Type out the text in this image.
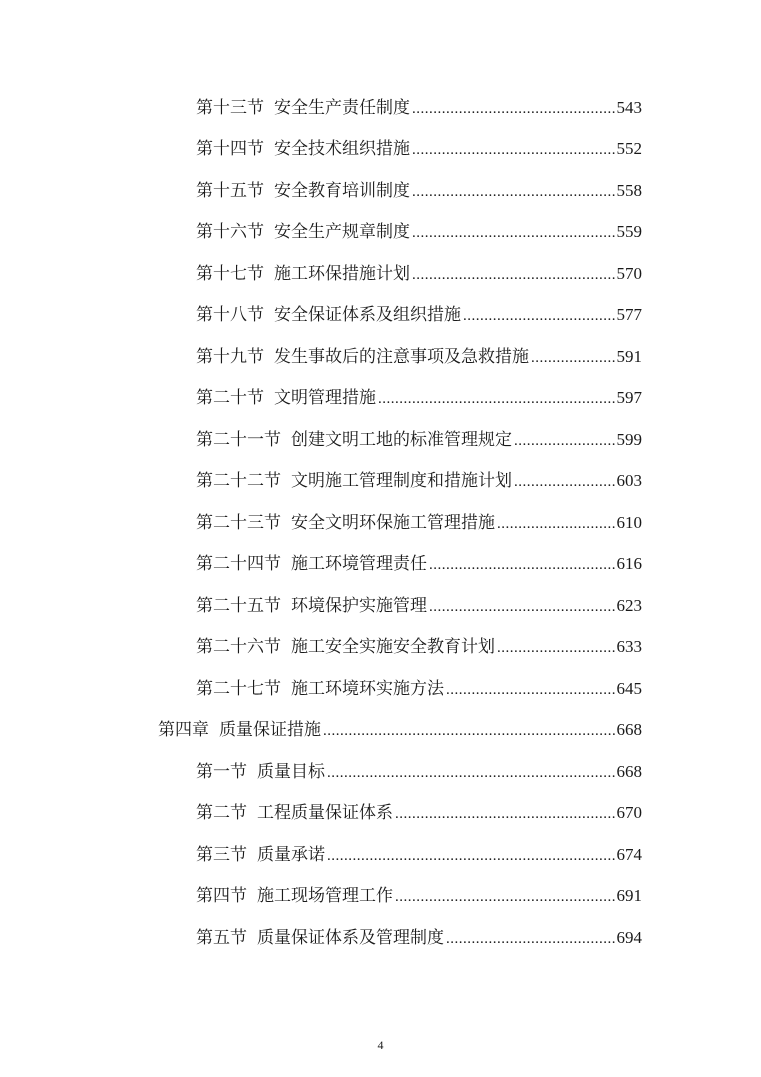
第十三节 安全生产责任制度 .....	543
第十四节 安全技术组织措施 .....	552
第十五节 安全教育培训制度 .....	558
第十六节 安全生产规章制度 .....	559
第十七节 施工环保措施计划 .....	570
第十八节 安全保证体系及组织措施 .....	577
第十九节 发生事故后的注意事项及急救措施 .....	591
第二十节 文明管理措施 .....	597
第二十一节 创建文明工地的标准管理规定 .....	599
第二十二节 文明施工管理制度和措施计划 .....	603
第二十三节 安全文明环保施工管理措施 .....	610
第二十四节 施工环境管理责任 .....	616
第二十五节 环境保护实施管理 .....	623
第二十六节 施工安全实施安全教育计划 .....	633
第二十七节 施工环境环实施方法 .....	645
第四章 质量保证措施 .....	668
第一节 质量目标 .....	668
第二节 工程质量保证体系 .....	670
第三节 质量承诺 .....	674
第四节 施工现场管理工作 .....	691
第五节 质量保证体系及管理制度 .....	694
4
